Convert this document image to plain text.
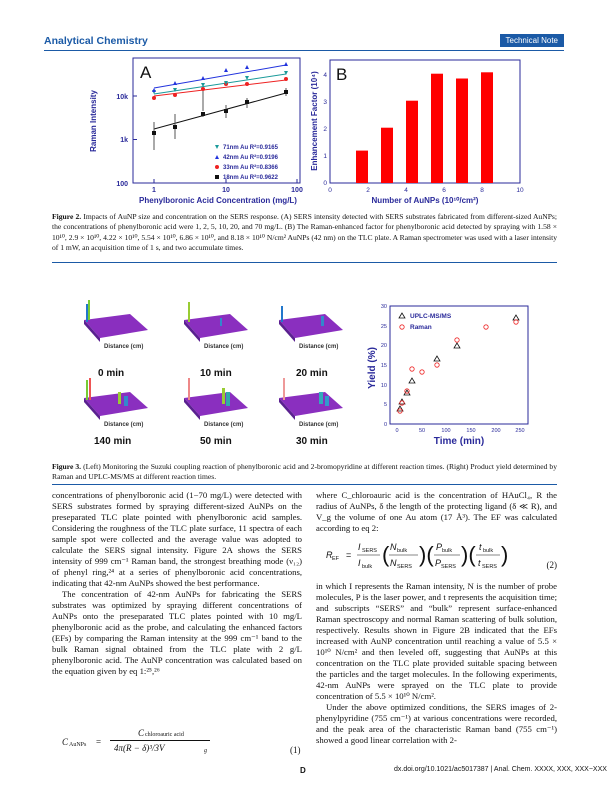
Analytical Chemistry	Technical Note
A
100
1k
10k
1	10	100
Phenylboronic Acid Concentration (mg/L)
Raman Intensity	71nm Au R²=0.9165
42nm Au R²=0.9196
33nm Au R²=0.8366
18nm Au R²=0.9622
B
Enhancement Factor (10⁴)
0
1
2
3
4
0	2	4	6	8	10
Number of AuNPs (10¹⁰/cm²)
Figure 2. Impacts of AuNP size and concentration on the SERS response. (A) SERS intensity detected with SERS substrates fabricated from different-sized AuNPs; the concentrations of phenylboronic acid were 1, 2, 5, 10, 20, and 70 mg/L. (B) The Raman-enhanced factor for phenylboronic acid detected by spraying with 1.58 × 10¹⁰, 2.9 × 10¹⁰, 4.22 × 10¹⁰, 5.54 × 10¹⁰, 6.86 × 10¹⁰, and 8.18 × 10¹⁰ N/cm² AuNPs (42 nm) on the TLC plate. A Raman spectrometer was used with a laser intensity of 1 mW, an acquisition time of 1 s, and two accumulate times.
Distance (cm)	Distance (cm)	Distance (cm)
0 min	10 min	20 min
Distance (cm)	Distance (cm)	Distance (cm)
140 min	50 min	30 min
0
5
10
15
20
25
30
0	50	100	150	200	250
Time (min)
Yield (%)
UPLC-MS/MS
Raman
Figure 3. (Left) Monitoring the Suzuki coupling reaction of phenylboronic acid and 2-bromopyridine at different reaction times. (Right) Product yield determined by Raman and UPLC-MS/MS at different reaction times.

concentrations of phenylboronic acid (1−70 mg/L) were detected with SERS substrates formed by spraying different-sized AuNPs on the preseparated TLC plate pointed with phenylboronic acid samples. Considering the roughness of the TLC plate surface, 11 spectra of each sample spot were collected and the average value was adopted to calculate the SERS signal intensity. Figure 2A shows the SERS intensity of 999 cm⁻¹ Raman band, the strongest breathing mode (ν₁₂) of phenyl ring,²⁴ at a series of phenylboronic acid concentrations, indicating that 42-nm AuNPs showed the best performance.

The concentration of 42-nm AuNPs for fabricating the SERS substrates was optimized by spraying different concentrations of AuNPs onto the preseparated TLC plates pointed with 10 mg/L phenylboronic acid as the probe, and calculating the enhanced factors (EFs) by comparing the Raman intensity at the 999 cm⁻¹ band to the bulk Raman signal obtained from the TLC plate with 2 g/L phenylboronic acid. The AuNP concentration was calculated based on the equation given by eq 1:²⁵,²⁶

C AuNPs =
C chloroauric acid
4π(R − δ)³/3V	g	(1)

where C_chloroauric acid is the concentration of HAuCl₄, R the radius of AuNPs, δ the length of the protecting ligand (δ ≪ R), and V_g the volume of one Au atom (17 Å³). The EF was calculated according to eq 2:

R EF =
I SERS
I bulk ( N bulk
N SERS )( P bulk
P SERS )( t bulk
t SERS )	(2)

in which I represents the Raman intensity, N is the number of probe molecules, P is the laser power, and t represents the acquisition time; and subscripts “SERS” and “bulk” represent surface-enhanced Raman spectroscopy and normal Raman scattering of bulk solution, respectively. Results shown in Figure 2B indicated that the EFs increased with AuNP concentration until reaching a value of 5.5 × 10¹⁰ N/cm² and then leveled off, suggesting that AuNPs at this concentration on the TLC plate provided suitable spacing between the particles and the target molecules. In the following experiments, 42-nm AuNPs were sprayed on the TLC plate to provide concentration of 5.5 × 10¹⁰ N/cm².

Under the above optimized conditions, the SERS images of 2-phenylpyridine (755 cm⁻¹) at various concentrations were recorded, and the peak area of the characteristic Raman band (755 cm⁻¹) showed a good linear correlation with 2-

D	dx.doi.org/10.1021/ac5017387 | Anal. Chem. XXXX, XXX, XXX−XXX
